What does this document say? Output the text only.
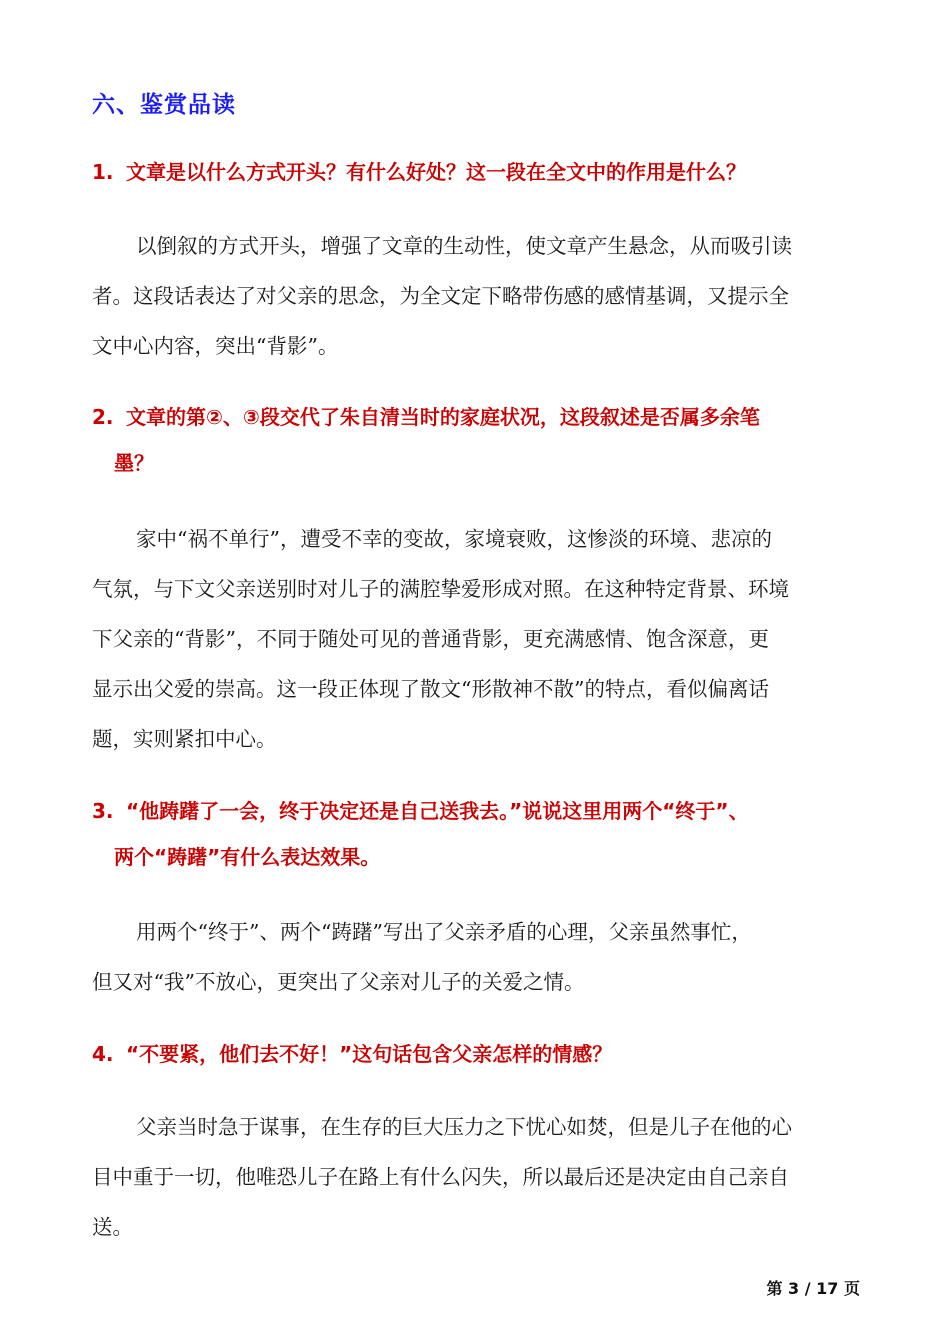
六、鉴赏品读
1. 文章是以什么方式开头？有什么好处？这一段在全文中的作用是什么？
以倒叙的方式开头，增强了文章的生动性，使文章产生悬念，从而吸引读
者。这段话表达了对父亲的思念，为全文定下略带伤感的感情基调，又提示全
文中心内容，突出“背影”。
2. 文章的第②、③段交代了朱自清当时的家庭状况，这段叙述是否属多余笔
墨？
家中“祸不单行”，遭受不幸的变故，家境衰败，这惨淡的环境、悲凉的
气氛，与下文父亲送别时对儿子的满腔挚爱形成对照。在这种特定背景、环境
下父亲的“背影”，不同于随处可见的普通背影，更充满感情、饱含深意，更
显示出父爱的崇高。这一段正体现了散文“形散神不散”的特点，看似偏离话
题，实则紧扣中心。
3. “他踌躇了一会，终于决定还是自己送我去。”说说这里用两个“终于”、
两个“踌躇”有什么表达效果。
用两个“终于”、两个“踌躇”写出了父亲矛盾的心理，父亲虽然事忙，
但又对“我”不放心，更突出了父亲对儿子的关爱之情。
4. “不要紧，他们去不好！”这句话包含父亲怎样的情感？
父亲当时急于谋事，在生存的巨大压力之下忧心如焚，但是儿子在他的心
目中重于一切，他唯恐儿子在路上有什么闪失，所以最后还是决定由自己亲自
送。
第 3 / 17 页
